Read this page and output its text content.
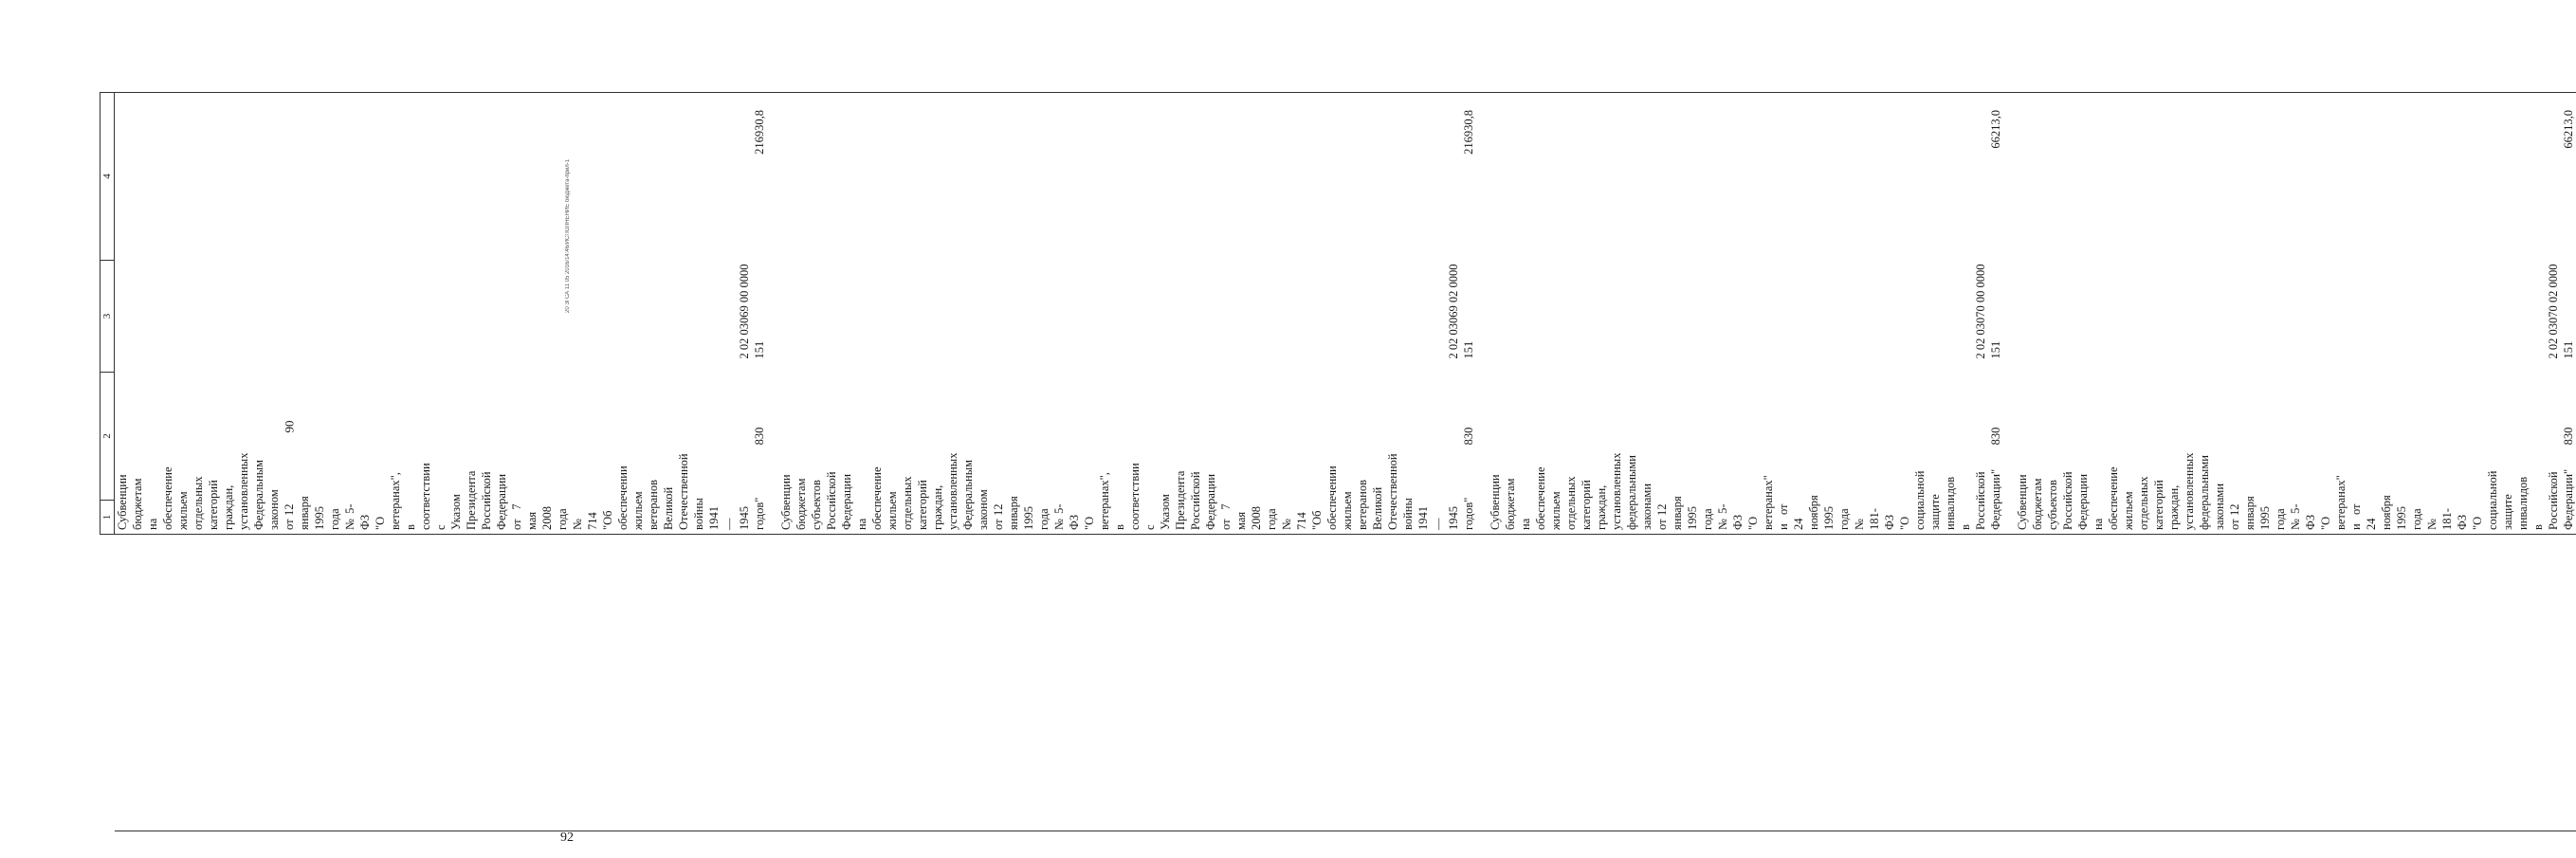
90
92
20 ЗГСА 11 05 2016/14:46/ИСПОЛНЕНИЕ бюджета-прил-1
	1	2	3	4
	Субвенции бюджетам на обеспечение жильем отдельных категорий граждан, установленных Федеральным законом от 12 января 1995 года № 5-ФЗ "О ветеранах", в соответствии с Указом Президента Российской Федерации от 7 мая 2008 года № 714 "Об обеспечении жильем ветеранов Великой Отечественной войны 1941—1945 годов"	830	2 02 03069 00 0000 151	216930,8

	Субвенции бюджетам субъектов Российской Федерации на обеспечение жильем отдельных категорий граждан, установленных Федеральным законом от 12 января 1995 года № 5-ФЗ "О ветеранах", в соответствии с Указом Президента Российской Федерации от 7 мая 2008 года № 714 "Об обеспечении жильем ветеранов Великой Отечественной войны 1941—1945 годов"	830	2 02 03069 02 0000 151	216930,8

	Субвенции бюджетам на обеспечение жильем отдельных категорий граждан, установленных федеральными законами от 12 января 1995 года № 5-ФЗ "О ветеранах" и от 24 ноября 1995 года № 181-ФЗ "О социальной защите инвалидов в Российской Федерации"	830	2 02 03070 00 0000 151	66213,0

	Субвенции бюджетам субъектов Российской Федерации на обеспечение жильем отдельных категорий граждан, установленных федеральными законами от 12 января 1995 года № 5-ФЗ "О ветеранах" и от 24 ноября 1995 года № 181-ФЗ "О социальной защите инвалидов в Российской Федерации"	830	2 02 03070 02 0000 151	66213,0
